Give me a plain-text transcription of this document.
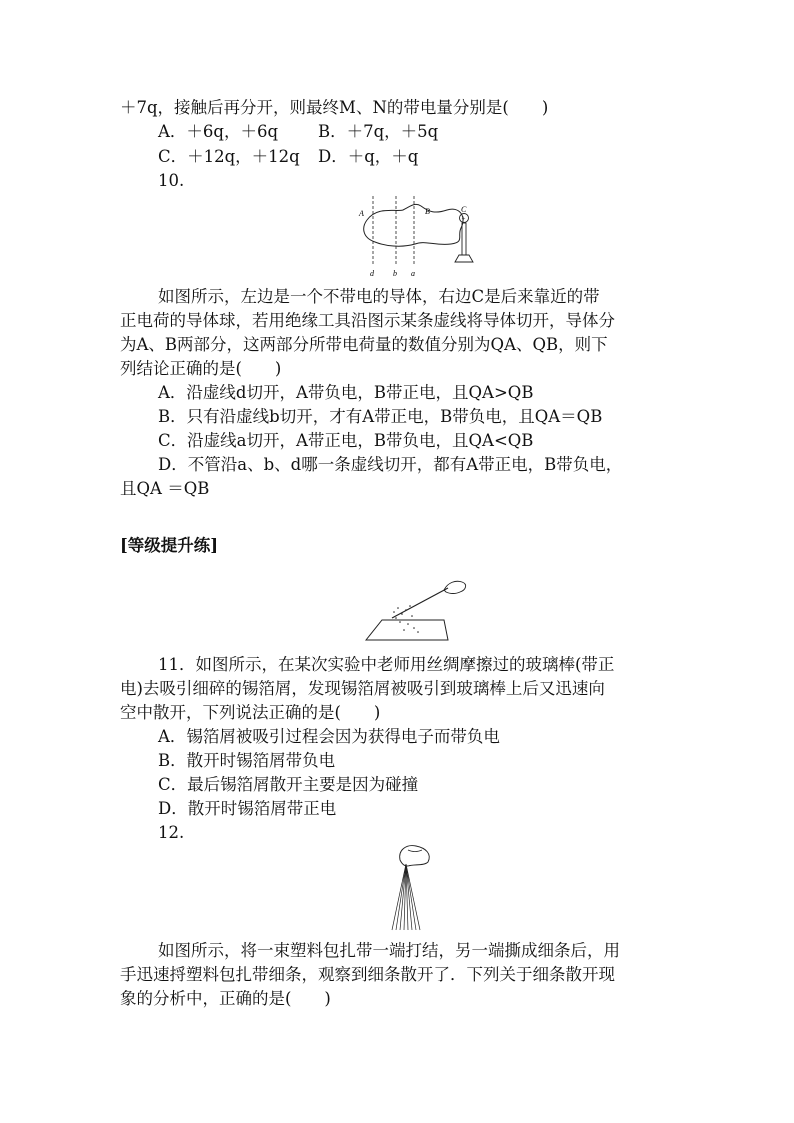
＋7q，接触后再分开，则最终M、N的带电量分别是(　　)
A．＋6q，＋6q B．＋7q，＋5q
C．＋12q，＋12q D．＋q，＋q
10.
A	B
d b a
C
+
如图所示，左边是一个不带电的导体，右边C是后来靠近的带
正电荷的导体球，若用绝缘工具沿图示某条虚线将导体切开，导体分
为A、B两部分，这两部分所带电荷量的数值分别为QA、QB，则下
列结论正确的是(　　)
A．沿虚线d切开，A带负电，B带正电，且QA>QB
B．只有沿虚线b切开，才有A带正电，B带负电，且QA＝QB
C．沿虚线a切开，A带正电，B带负电，且QA<QB
D．不管沿a、b、d哪一条虚线切开，都有A带正电，B带负电，
且QA ＝QB
[等级提升练]
11．如图所示，在某次实验中老师用丝绸摩擦过的玻璃棒(带正
电)去吸引细碎的锡箔屑，发现锡箔屑被吸引到玻璃棒上后又迅速向
空中散开，下列说法正确的是(　　)
A．锡箔屑被吸引过程会因为获得电子而带负电
B．散开时锡箔屑带负电
C．最后锡箔屑散开主要是因为碰撞
D．散开时锡箔屑带正电
12.
如图所示，将一束塑料包扎带一端打结，另一端撕成细条后，用
手迅速捋塑料包扎带细条，观察到细条散开了．下列关于细条散开现
象的分析中，正确的是(　　)
